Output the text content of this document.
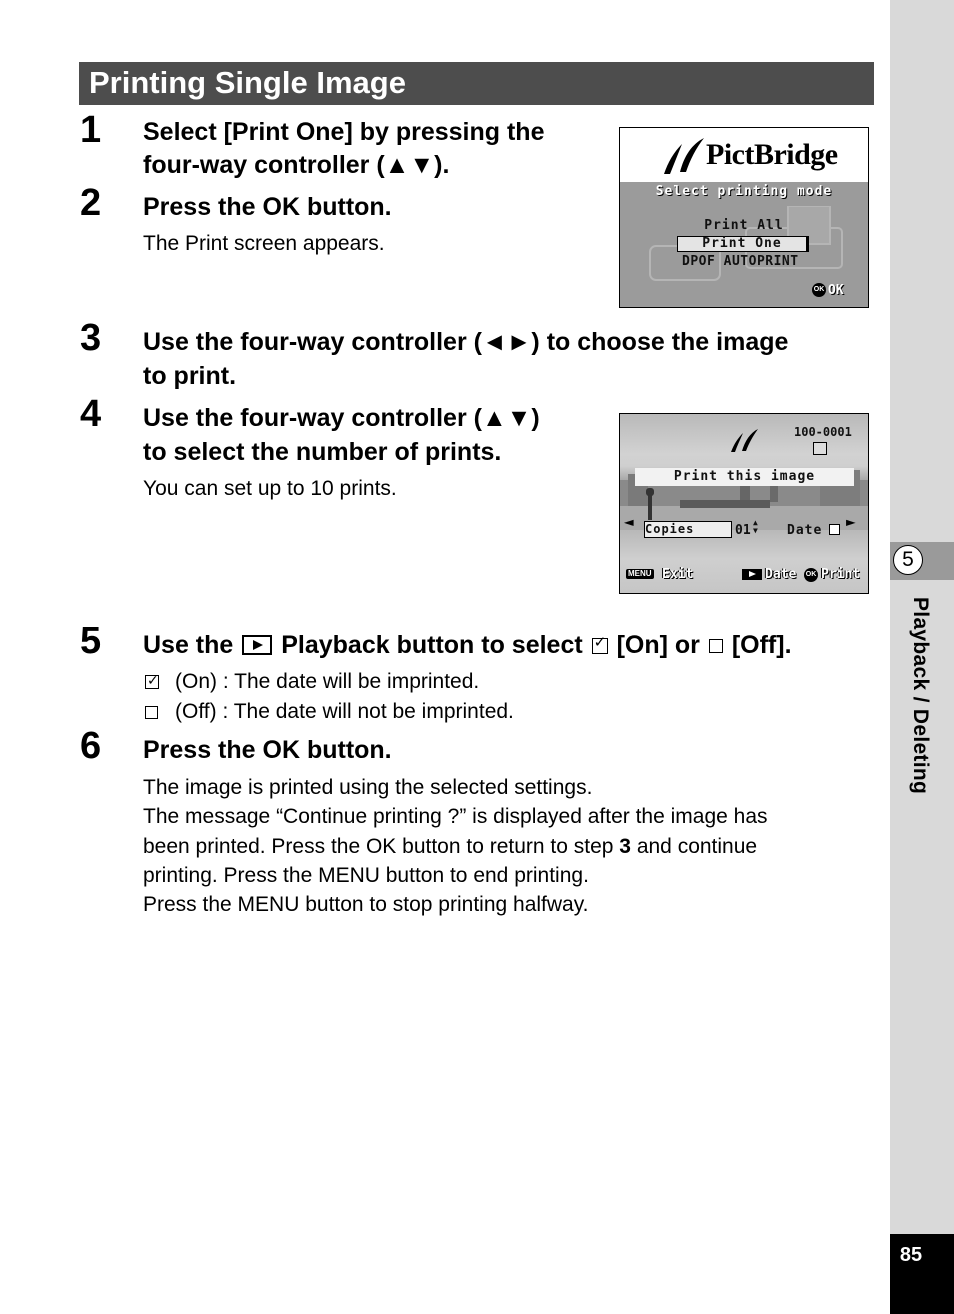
5
Playback / Deleting
85
Printing Single Image
1 Select [Print One] by pressing the
four-way controller (▲▼).
2 Press the OK button.
The Print screen appears.
PictBridge
Select printing mode
Print All
Print One
DPOF AUTOPRINT
OK OK
3 Use the four-way controller (◄►) to choose the image
to print.
4 Use the four-way controller (▲▼)
to select the number of prints.
You can set up to 10 prints.
100-0001
Print this image
◄	►
Copies	01
▲
▼ Date
MENU Exit	Date OK Print
5 Use the Playback button to select ✓ [On] or [Off].
✓ (On) : The date will be imprinted.
(Off) : The date will not be imprinted.
6 Press the OK button.
The image is printed using the selected settings.
The message “Continue printing ?” is displayed after the image has
been printed. Press the OK button to return to step 3 and continue
printing. Press the MENU button to end printing.
Press the MENU button to stop printing halfway.
